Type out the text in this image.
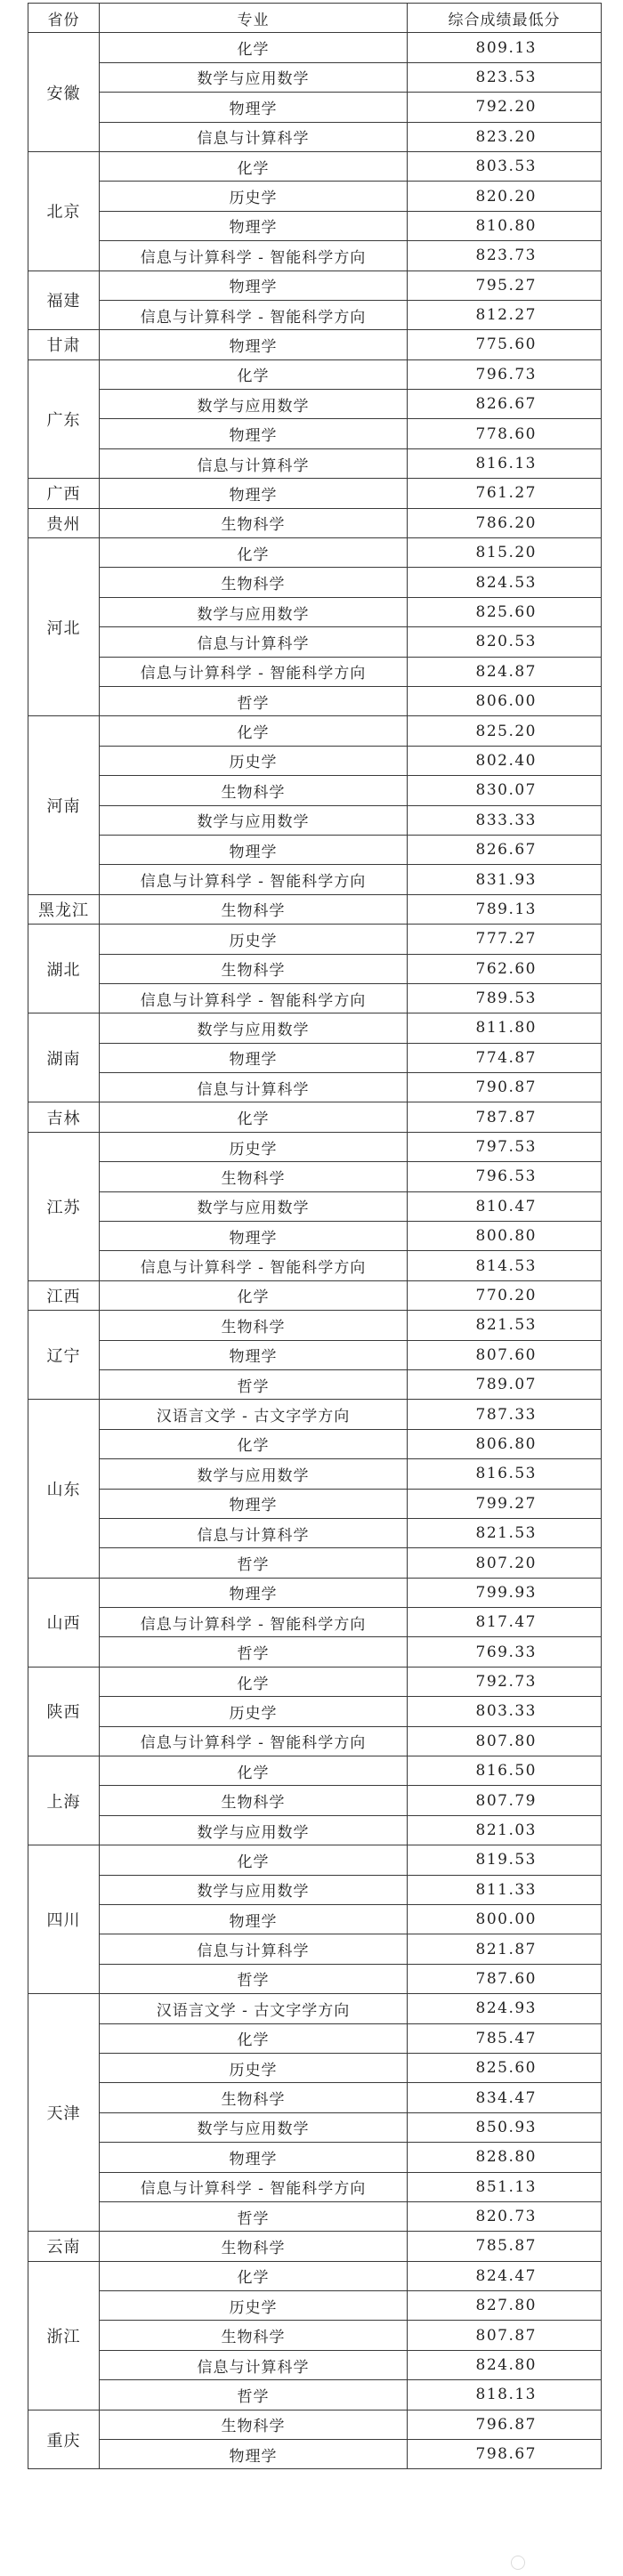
省份	专业	综合成绩最低分
安徽	化学	809.13
	数学与应用数学	823.53
	物理学	792.20
	信息与计算科学	823.20
北京	化学	803.53
	历史学	820.20
	物理学	810.80
	信息与计算科学 - 智能科学方向	823.73
福建	物理学	795.27
	信息与计算科学 - 智能科学方向	812.27
甘肃	物理学	775.60
广东	化学	796.73
	数学与应用数学	826.67
	物理学	778.60
	信息与计算科学	816.13
广西	物理学	761.27
贵州	生物科学	786.20
河北	化学	815.20
	生物科学	824.53
	数学与应用数学	825.60
	信息与计算科学	820.53
	信息与计算科学 - 智能科学方向	824.87
	哲学	806.00
河南	化学	825.20
	历史学	802.40
	生物科学	830.07
	数学与应用数学	833.33
	物理学	826.67
	信息与计算科学 - 智能科学方向	831.93
黑龙江	生物科学	789.13
湖北	历史学	777.27
	生物科学	762.60
	信息与计算科学 - 智能科学方向	789.53
湖南	数学与应用数学	811.80
	物理学	774.87
	信息与计算科学	790.87
吉林	化学	787.87
江苏	历史学	797.53
	生物科学	796.53
	数学与应用数学	810.47
	物理学	800.80
	信息与计算科学 - 智能科学方向	814.53
江西	化学	770.20
辽宁	生物科学	821.53
	物理学	807.60
	哲学	789.07
山东	汉语言文学 - 古文字学方向	787.33
	化学	806.80
	数学与应用数学	816.53
	物理学	799.27
	信息与计算科学	821.53
	哲学	807.20
山西	物理学	799.93
	信息与计算科学 - 智能科学方向	817.47
	哲学	769.33
陕西	化学	792.73
	历史学	803.33
	信息与计算科学 - 智能科学方向	807.80
上海	化学	816.50
	生物科学	807.79
	数学与应用数学	821.03
四川	化学	819.53
	数学与应用数学	811.33
	物理学	800.00
	信息与计算科学	821.87
	哲学	787.60
天津	汉语言文学 - 古文字学方向	824.93
	化学	785.47
	历史学	825.60
	生物科学	834.47
	数学与应用数学	850.93
	物理学	828.80
	信息与计算科学 - 智能科学方向	851.13
	哲学	820.73
云南	生物科学	785.87
浙江	化学	824.47
	历史学	827.80
	生物科学	807.87
	信息与计算科学	824.80
	哲学	818.13
重庆	生物科学	796.87
	物理学	798.67
